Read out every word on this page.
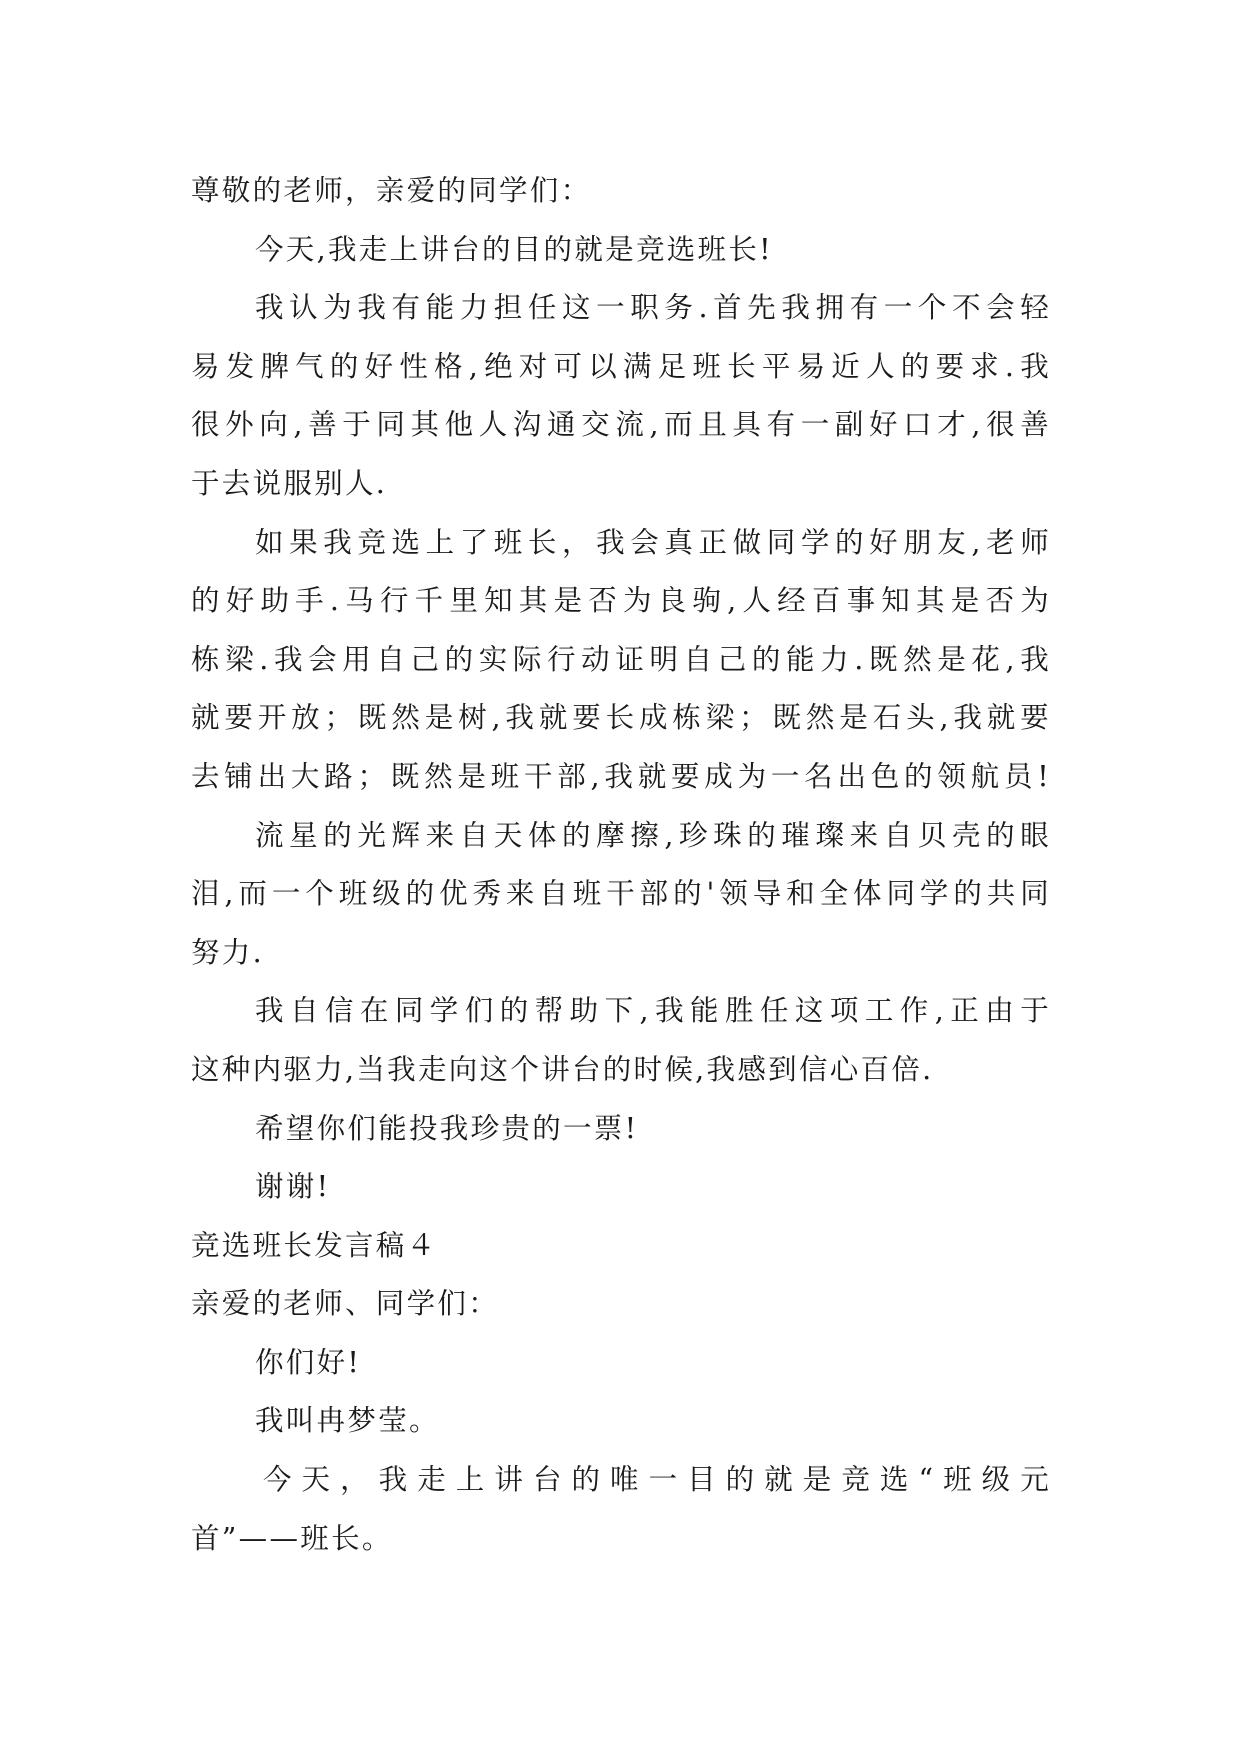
尊敬的老师，亲爱的同学们：

今天,我走上讲台的目的就是竞选班长!

我认为我有能力担任这一职务.首先我拥有一个不会轻
易发脾气的好性格,绝对可以满足班长平易近人的要求.我
很外向,善于同其他人沟通交流,而且具有一副好口才,很善
于去说服别人.

如果我竞选上了班长，我会真正做同学的好朋友,老师
的好助手.马行千里知其是否为良驹,人经百事知其是否为
栋梁.我会用自己的实际行动证明自己的能力.既然是花,我
就要开放；既然是树,我就要长成栋梁；既然是石头,我就要
去铺出大路；既然是班干部,我就要成为一名出色的领航员!

流星的光辉来自天体的摩擦,珍珠的璀璨来自贝壳的眼
泪,而一个班级的优秀来自班干部的'领导和全体同学的共同
努力.

我自信在同学们的帮助下,我能胜任这项工作,正由于
这种内驱力,当我走向这个讲台的时候,我感到信心百倍.

希望你们能投我珍贵的一票!

谢谢!

竞选班长发言稿４

亲爱的老师、同学们：

你们好!

我叫冉梦莹。

今天，我走上讲台的唯一目的就是竞选“班级元
首”——班长。
